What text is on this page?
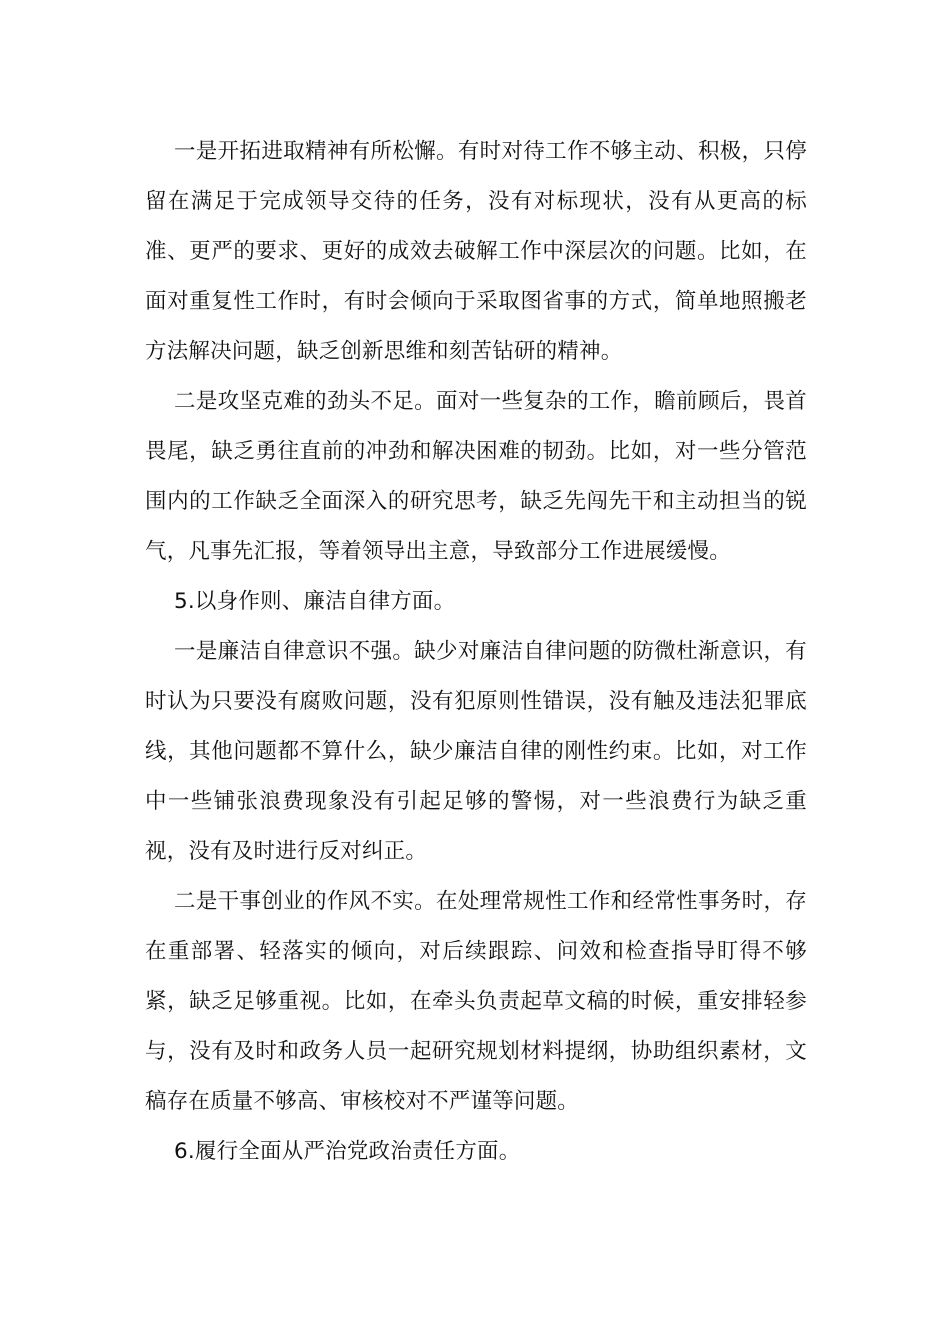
一是开拓进取精神有所松懈。有时对待工作不够主动、积极，只停留在满足于完成领导交待的任务，没有对标现状，没有从更高的标准、更严的要求、更好的成效去破解工作中深层次的问题。比如，在面对重复性工作时，有时会倾向于采取图省事的方式，简单地照搬老方法解决问题，缺乏创新思维和刻苦钻研的精神。

二是攻坚克难的劲头不足。面对一些复杂的工作，瞻前顾后，畏首畏尾，缺乏勇往直前的冲劲和解决困难的韧劲。比如，对一些分管范围内的工作缺乏全面深入的研究思考，缺乏先闯先干和主动担当的锐气，凡事先汇报，等着领导出主意，导致部分工作进展缓慢。

5.以身作则、廉洁自律方面。

一是廉洁自律意识不强。缺少对廉洁自律问题的防微杜渐意识，有时认为只要没有腐败问题，没有犯原则性错误，没有触及违法犯罪底线，其他问题都不算什么，缺少廉洁自律的刚性约束。比如，对工作中一些铺张浪费现象没有引起足够的警惕，对一些浪费行为缺乏重视，没有及时进行反对纠正。

二是干事创业的作风不实。在处理常规性工作和经常性事务时，存在重部署、轻落实的倾向，对后续跟踪、问效和检查指导盯得不够紧，缺乏足够重视。比如，在牵头负责起草文稿的时候，重安排轻参与，没有及时和政务人员一起研究规划材料提纲，协助组织素材，文稿存在质量不够高、审核校对不严谨等问题。

6.履行全面从严治党政治责任方面。
